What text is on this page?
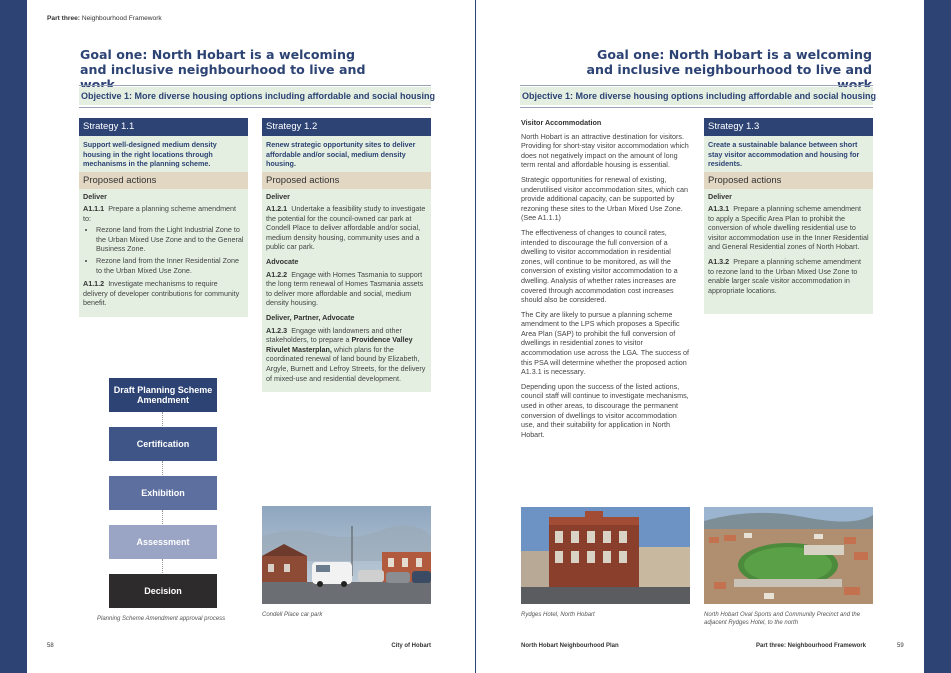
Part three: Neighbourhood Framework
Goal one: North Hobart is a welcoming and inclusive neighbourhood to live and
Objective 1: More diverse housing options including affordable and social housing
Strategy 1.1
Support well-designed medium density housing in the right locations through mechanisms in the planning scheme.
Proposed actions

Deliver

A1.1.1 Prepare a planning scheme amendment to:

• Rezone land from the Light Industrial Zone to the Urban Mixed Use Zone and to the General Business Zone.
• Rezone land from the Inner Residential Zone to the Urban Mixed Use Zone.

A1.1.2 Investigate mechanisms to require delivery of developer contributions for community benefit.

Strategy 1.2
Renew strategic opportunity sites to deliver affordable and/or social, medium density housing.
Proposed actions

Deliver

A1.2.1 Undertake a feasibility study to investigate the potential for the council-owned car park at Condell Place to deliver affordable and/or social, medium density housing, community uses and a public car park.

Advocate

A1.2.2 Engage with Homes Tasmania to support the long term renewal of Homes Tasmania assets to deliver more affordable and social, medium density housing.

Deliver, Partner, Advocate

A1.2.3 Engage with landowners and other stakeholders, to prepare a Providence Valley Rivulet Masterplan, which plans for the coordinated renewal of land bound by Elizabeth, Argyle, Burnett and Lefroy Streets, for the delivery of mixed-use and residential development.

Draft Planning Scheme Amendment
Certification
Exhibition
Assessment
Decision
Planning Scheme Amendment approval process
Condell Place car park
58	City of Hobart
Goal one: North Hobart is a welcoming and inclusive neighbourhood to live and
Objective 1: More diverse housing options including affordable and social housing

Visitor Accommodation

North Hobart is an attractive destination for visitors. Providing for short-stay visitor accommodation which does not negatively impact on the amount of long term rental and affordable housing is essential.

Strategic opportunities for renewal of existing, underutilised visitor accommodation sites, which can provide additional capacity, can be supported by rezoning these sites to the Urban Mixed Use Zone. (See A1.1.1)

The effectiveness of changes to council rates, intended to discourage the full conversion of a dwelling to visitor accommodation in residential zones, will continue to be monitored, as will the conversion of existing visitor accommodation to a dwelling. Analysis of whether rates increases are covered through accommodation cost increases should also be considered.

The City are likely to pursue a planning scheme amendment to the LPS which proposes a Specific Area Plan (SAP) to prohibit the full conversion of dwellings in residential zones to visitor accommodation use across the LGA. The success of this PSA will determine whether the proposed action A1.3.1 is necessary.

Depending upon the success of the listed actions, council staff will continue to investigate mechanisms, used in other areas, to discourage the permanent conversion of dwellings to visitor accommodation use, and their suitability for application in North Hobart.

Strategy 1.3
Create a sustainable balance between short stay visitor accommodation and housing for residents.
Proposed actions

Deliver

A1.3.1 Prepare a planning scheme amendment to apply a Specific Area Plan to prohibit the conversion of whole dwelling residential use to visitor accommodation use in the Inner Residential and General Residential zones of North Hobart.

A1.3.2 Prepare a planning scheme amendment to rezone land to the Urban Mixed Use Zone to enable larger scale visitor accommodation in appropriate locations.

Rydges Hotel, North Hobart	North Hobart Oval Sports and Community Precinct and the adjacent Rydges Hotel, to the north
North Hobart Neighbourhood Plan	Part three: Neighbourhood Framework	59
